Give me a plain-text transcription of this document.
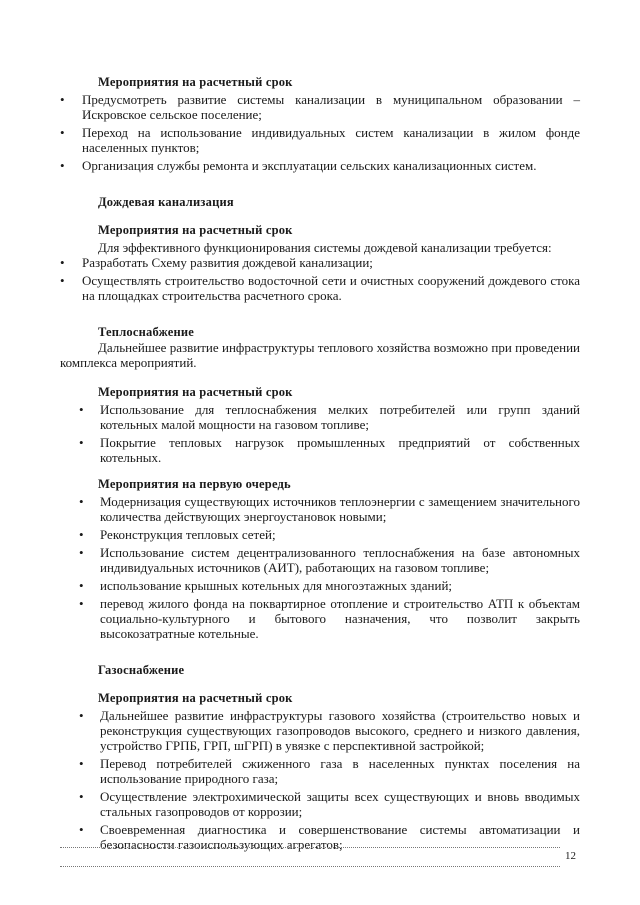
Мероприятия на расчетный срок
• Предусмотреть развитие системы канализации в муниципальном образовании – Искровское сельское поселение;
• Переход на использование индивидуальных систем канализации в жилом фонде населенных пунктов;
• Организация службы ремонта и эксплуатации сельских канализационных систем.
Дождевая канализация
Мероприятия на расчетный срок

Для эффективного функционирования системы дождевой канализации требуется:

• Разработать Схему развития дождевой канализации;
• Осуществлять строительство водосточной сети и очистных сооружений дождевого стока на площадках строительства расчетного срока.
Теплоснабжение

Дальнейшее развитие инфраструктуры теплового хозяйства возможно при проведении комплекса мероприятий.

Мероприятия на расчетный срок
• Использование для теплоснабжения мелких потребителей или групп зданий котельных малой мощности на газовом топливе;
• Покрытие тепловых нагрузок промышленных предприятий от собственных котельных.
Мероприятия на первую очередь
• Модернизация существующих источников теплоэнергии с замещением значительного количества действующих энергоустановок новыми;
• Реконструкция тепловых сетей;
• Использование систем децентрализованного теплоснабжения на базе автономных индивидуальных источников (АИТ), работающих на газовом топливе;
• использование крышных котельных для многоэтажных зданий;
• перевод жилого фонда на поквартирное отопление и строительство АТП к объектам социально-культурного и бытового назначения, что позволит закрыть высокозатратные котельные.
Газоснабжение
Мероприятия на расчетный срок
• Дальнейшее развитие инфраструктуры газового хозяйства (строительство новых и реконструкция существующих газопроводов высокого, среднего и низкого давления, устройство ГРПБ, ГРП, шГРП) в увязке с перспективной застройкой;
• Перевод потребителей сжиженного газа в населенных пунктах поселения на использование природного газа;
• Осуществление электрохимической защиты всех существующих и вновь вводимых стальных газопроводов от коррозии;
• Своевременная диагностика и совершенствование системы автоматизации и безопасности газоиспользующих агрегатов;
12
